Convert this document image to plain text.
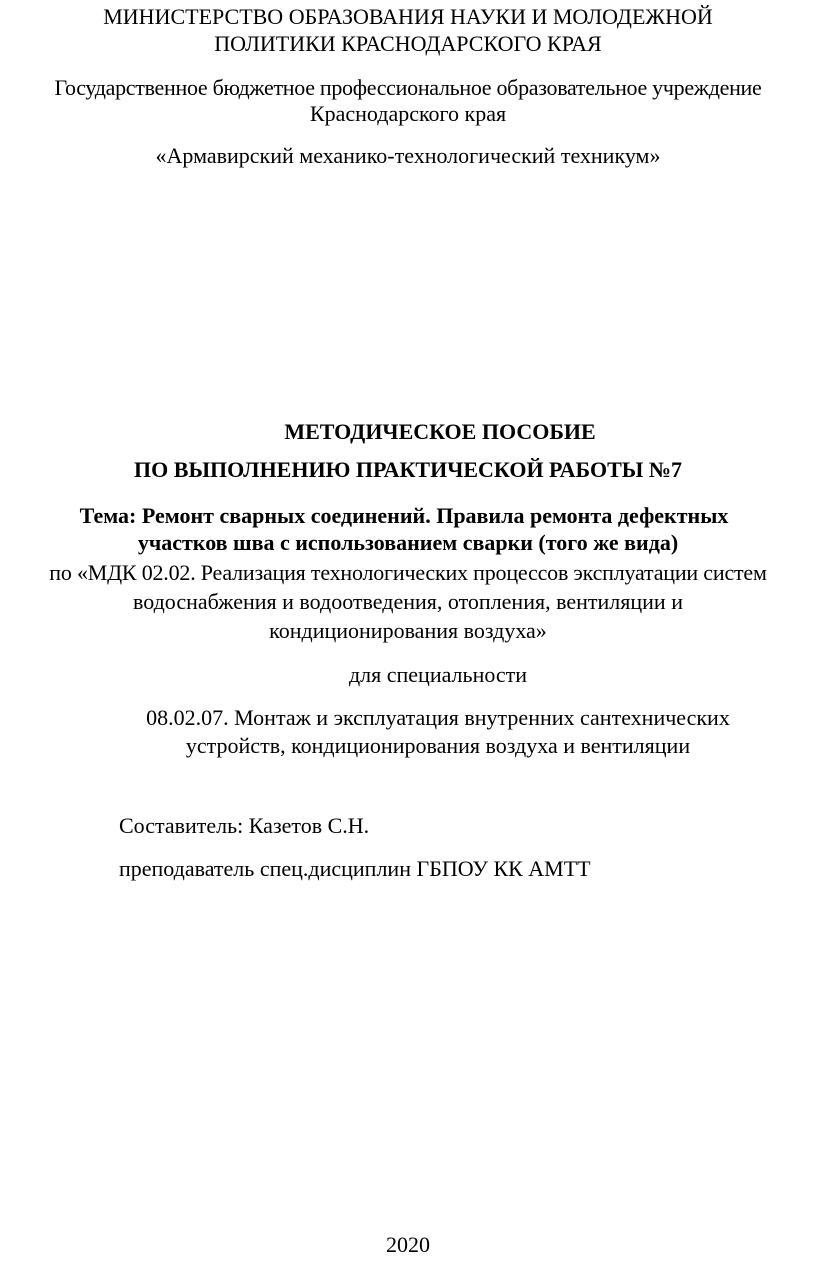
МИНИСТЕРСТВО ОБРАЗОВАНИЯ НАУКИ И МОЛОДЕЖНОЙ
ПОЛИТИКИ КРАСНОДАРСКОГО КРАЯ
Государственное бюджетное профессиональное образовательное учреждение
Краснодарского края
«Армавирский механико-технологический техникум»
МЕТОДИЧЕСКОЕ ПОСОБИЕ
ПО ВЫПОЛНЕНИЮ ПРАКТИЧЕСКОЙ РАБОТЫ №7
Тема: Ремонт сварных соединений. Правила ремонта дефектных
участков шва с использованием сварки (того же вида)
по «МДК 02.02. Реализация технологических процессов эксплуатации систем
водоснабжения и водоотведения, отопления, вентиляции и
кондиционирования воздуха»
для специальности
08.02.07. Монтаж и эксплуатация внутренних сантехнических
устройств, кондиционирования воздуха и вентиляции
Составитель: Казетов С.Н.
преподаватель спец.дисциплин ГБПОУ КК АМТТ
2020
